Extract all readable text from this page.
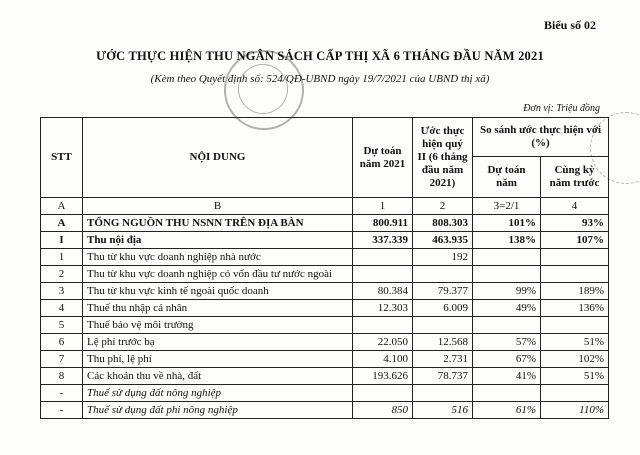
Biểu số 02
ƯỚC THỰC HIỆN THU NGÂN SÁCH CẤP THỊ XÃ 6 THÁNG ĐẦU NĂM 2021
(Kèm theo Quyết định số: 524/QĐ-UBND ngày 19/7/2021 của UBND thị xã)
Đơn vị: Triệu đồng
STT	NỘI DUNG	Dự toán năm 2021	Ước thực hiện quý II (6 tháng đầu năm 2021)	So sánh ước thực hiện với (%)	
				Dự toán năm	Cùng kỳ năm trước
A	B	1	2	3=2/1	4
A	TỔNG NGUỒN THU NSNN TRÊN ĐỊA BÀN	800.911	808.303	101%	93%
I	Thu nội địa	337.339	463.935	138%	107%
1	Thu từ khu vực doanh nghiệp nhà nước		192		
2	Thu từ khu vực doanh nghiệp có vốn đầu tư nước ngoài				
3	Thu từ khu vực kinh tế ngoài quốc doanh	80.384	79.377	99%	189%
4	Thuế thu nhập cá nhân	12.303	6.009	49%	136%
5	Thuế bảo vệ môi trường				
6	Lệ phí trước bạ	22.050	12.568	57%	51%
7	Thu phí, lệ phí	4.100	2.731	67%	102%
8	Các khoản thu về nhà, đất	193.626	78.737	41%	51%
-	Thuế sử dụng đất nông nghiệp				
-	Thuế sử dụng đất phi nông nghiệp	850	516	61%	110%
